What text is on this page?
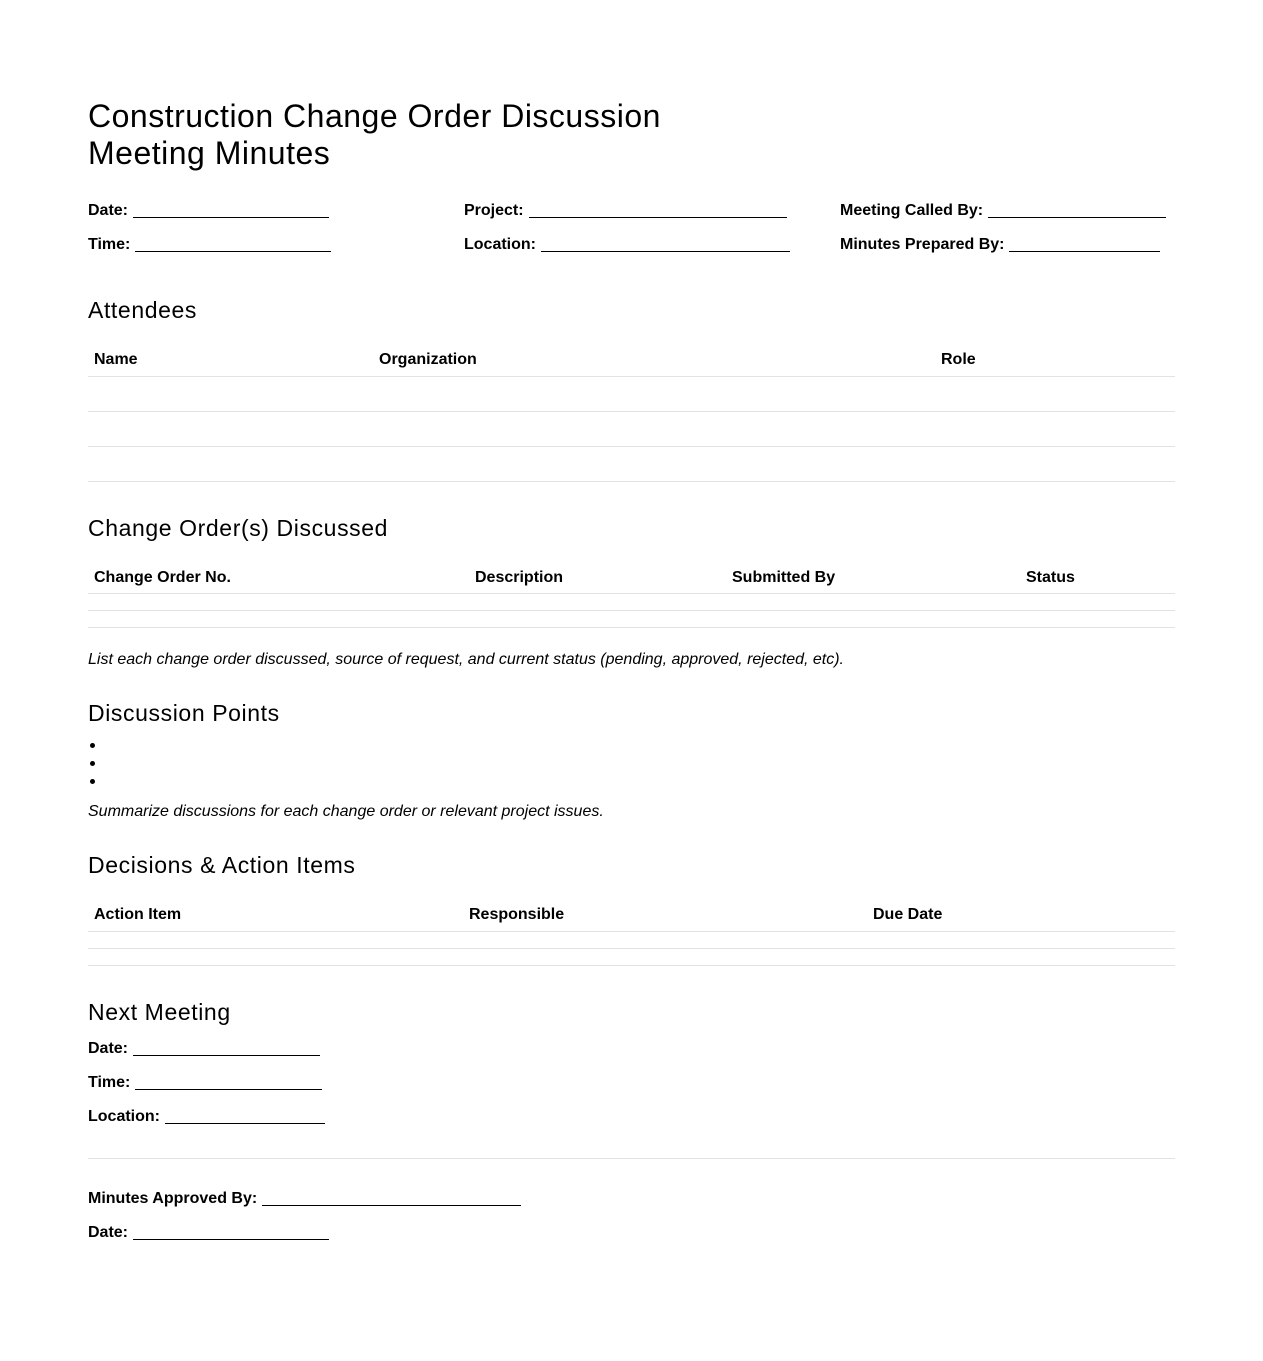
Construction Change Order Discussion
Meeting Minutes
Date:
Time:
Project:
Location:
Meeting Called By:
Minutes Prepared By:
Attendees
Name	Organization	Role

Change Order(s) Discussed
Change Order No.	Description	Submitted By	Status

List each change order discussed, source of request, and current status (pending, approved, rejected, etc).

Discussion Points

Summarize discussions for each change order or relevant project issues.

Decisions & Action Items
Action Item	Responsible	Due Date

Next Meeting
Date:
Time:
Location:
Minutes Approved By:
Date:
